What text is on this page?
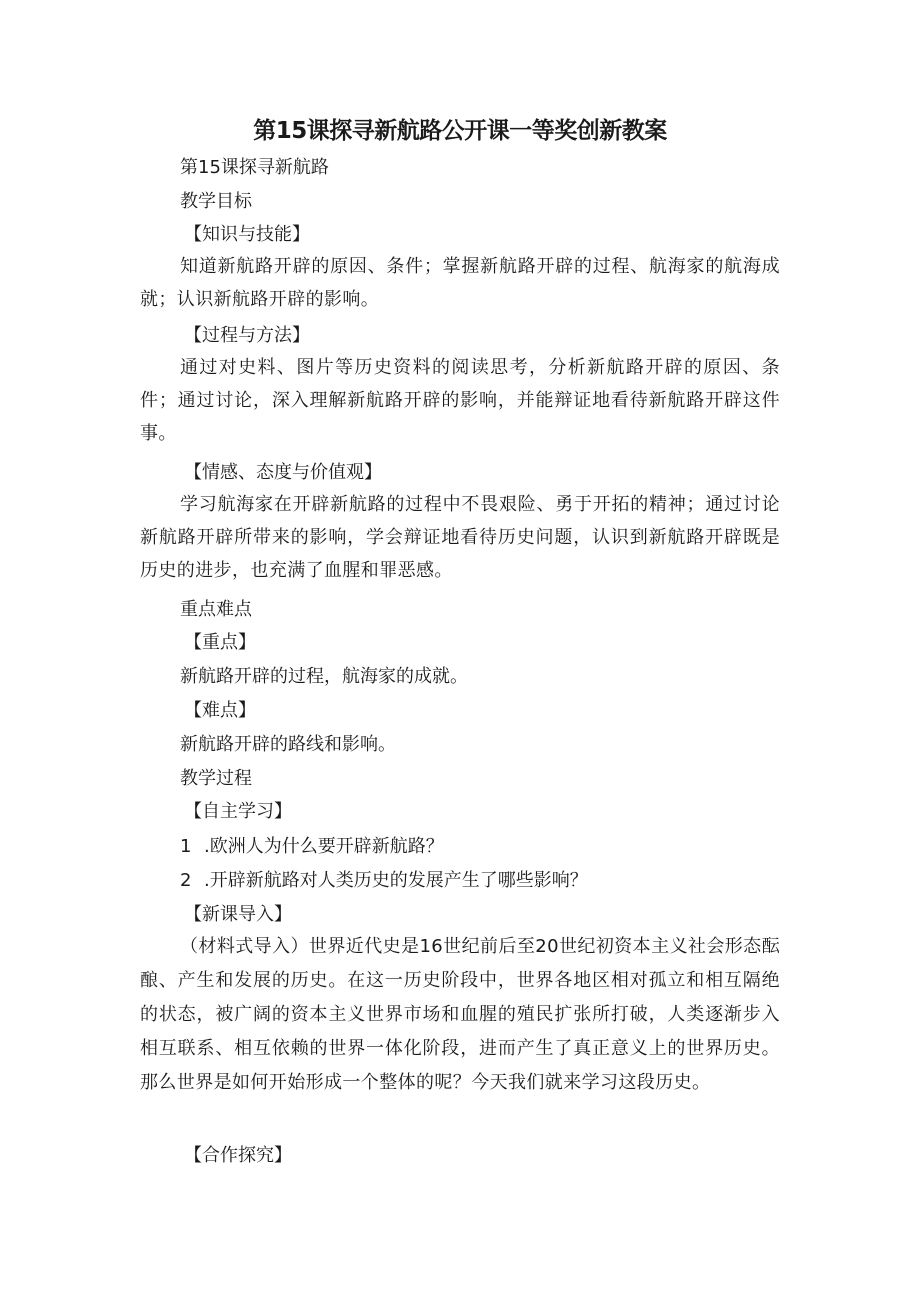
第15课探寻新航路公开课一等奖创新教案
第15课探寻新航路
教学目标
【知识与技能】
知道新航路开辟的原因、条件；掌握新航路开辟的过程、航海家的航海成就；认识新航路开辟的影响。
【过程与方法】
通过对史料、图片等历史资料的阅读思考，分析新航路开辟的原因、条件；通过讨论，深入理解新航路开辟的影响，并能辩证地看待新航路开辟这件事。
【情感、态度与价值观】
学习航海家在开辟新航路的过程中不畏艰险、勇于开拓的精神；通过讨论新航路开辟所带来的影响，学会辩证地看待历史问题，认识到新航路开辟既是历史的进步，也充满了血腥和罪恶感。
重点难点
【重点】
新航路开辟的过程，航海家的成就。
【难点】
新航路开辟的路线和影响。
教学过程
【自主学习】
1 .欧洲人为什么要开辟新航路？
2 .开辟新航路对人类历史的发展产生了哪些影响？
【新课导入】
（材料式导入）世界近代史是16世纪前后至20世纪初资本主义社会形态酝酿、产生和发展的历史。在这一历史阶段中，世界各地区相对孤立和相互隔绝的状态，被广阔的资本主义世界市场和血腥的殖民扩张所打破，人类逐渐步入相互联系、相互依赖的世界一体化阶段，进而产生了真正意义上的世界历史。那么世界是如何开始形成一个整体的呢？今天我们就来学习这段历史。
【合作探究】
